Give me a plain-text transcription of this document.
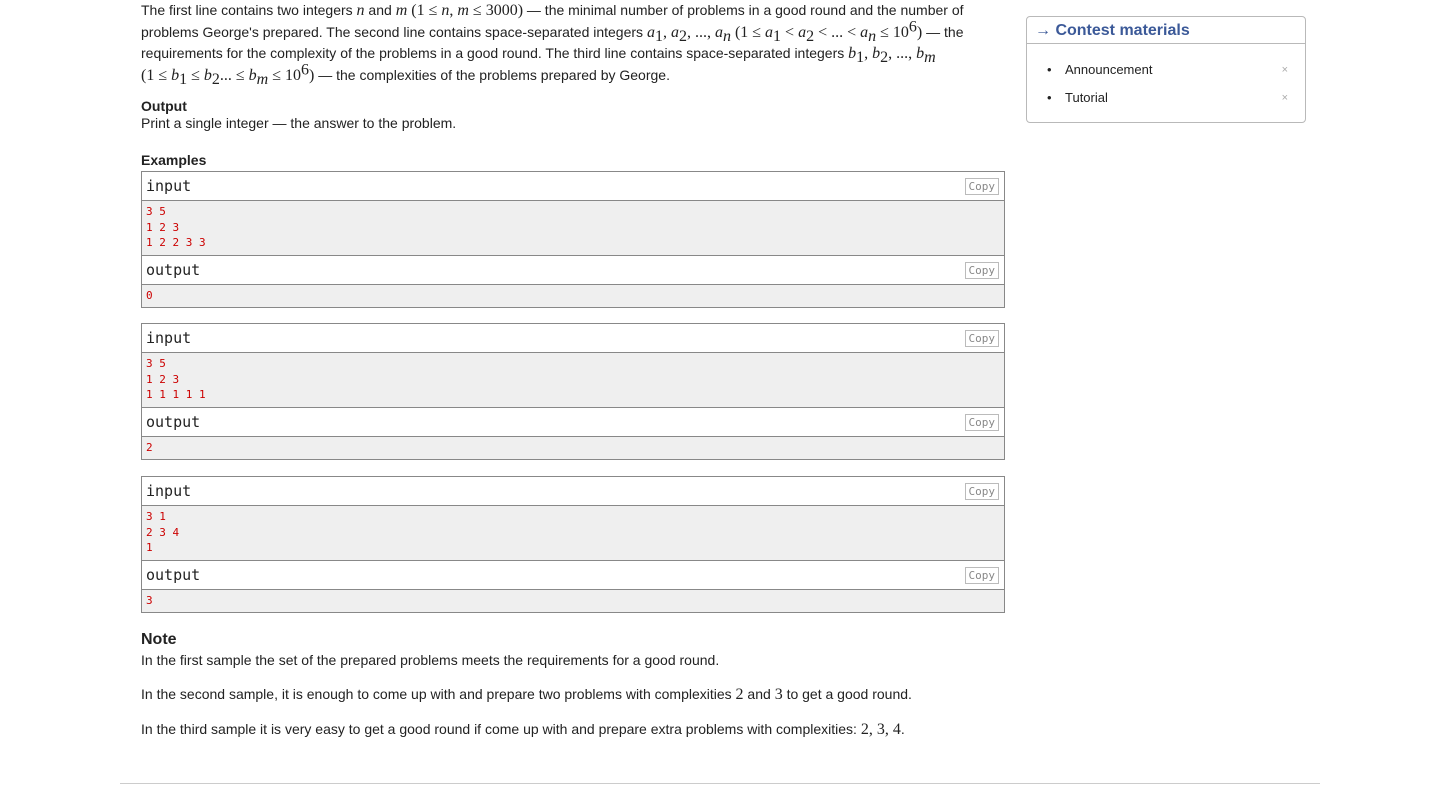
The first line contains two integers n and m (1 ≤ n, m ≤ 3000) — the minimal number of problems in a good round and the number of problems George's prepared. The second line contains space-separated integers $a_1$, $a_2$, ..., $a_n$ ($1 \le a_1 < a_2$ < ... < $a_n \le 10^6$) — the requirements for the complexity of the problems in a good round. The third line contains space-separated integers $b_1$, $b_2$, ..., $b_m$
($1 \le b_1 \le b_2$... ≤ $b_m \le 10^6$) — the complexities of the problems prepared by George.

Output

Print a single integer — the answer to the problem.

Examples

input	Copy
3 5
1 2 3
1 2 2 3 3
output	Copy
0
input	Copy
3 5
1 2 3
1 1 1 1 1
output	Copy
2
input	Copy
3 1
2 3 4
1
output	Copy
3

Note

In the first sample the set of the prepared problems meets the requirements for a good round.

In the second sample, it is enough to come up with and prepare two problems with complexities 2 and 3 to get a good round.

In the third sample it is very easy to get a good round if come up with and prepare extra problems with complexities: 2, 3, 4.

→ Contest materials
• Announcement	×
• Tutorial	×
